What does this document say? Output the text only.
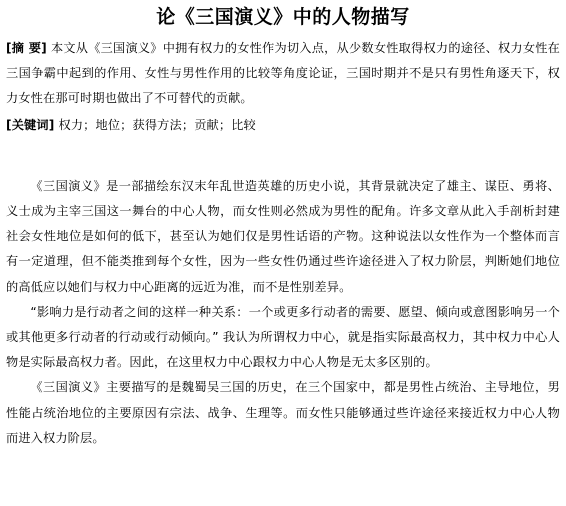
论《三国演义》中的人物描写

[摘 要] 本文从《三国演义》中拥有权力的女性作为切入点，从少数女性取得权力的途径、权力女性在三国争霸中起到的作用、女性与男性作用的比较等角度论证，三国时期并不是只有男性角逐天下，权力女性在那可时期也做出了不可替代的贡献。

[关键词] 权力；地位；获得方法；贡献；比较

《三国演义》是一部描绘东汉末年乱世造英雄的历史小说，其背景就决定了雄主、谋臣、勇将、义士成为主宰三国这一舞台的中心人物，而女性则必然成为男性的配角。许多文章从此入手剖析封建社会女性地位是如何的低下，甚至认为她们仅是男性话语的产物。这种说法以女性作为一个整体而言有一定道理，但不能类推到每个女性，因为一些女性仍通过些许途径进入了权力阶层，判断她们地位的高低应以她们与权力中心距离的远近为准，而不是性别差异。

“影响力是行动者之间的这样一种关系：一个或更多行动者的需要、愿望、倾向或意图影响另一个或其他更多行动者的行动或行动倾向。” 我认为所谓权力中心，就是指实际最高权力，其中权力中心人物是实际最高权力者。因此，在这里权力中心跟权力中心人物是无太多区别的。

《三国演义》主要描写的是魏蜀吴三国的历史，在三个国家中，都是男性占统治、主导地位，男性能占统治地位的主要原因有宗法、战争、生理等。而女性只能够通过些许途径来接近权力中心人物而进入权力阶层。
